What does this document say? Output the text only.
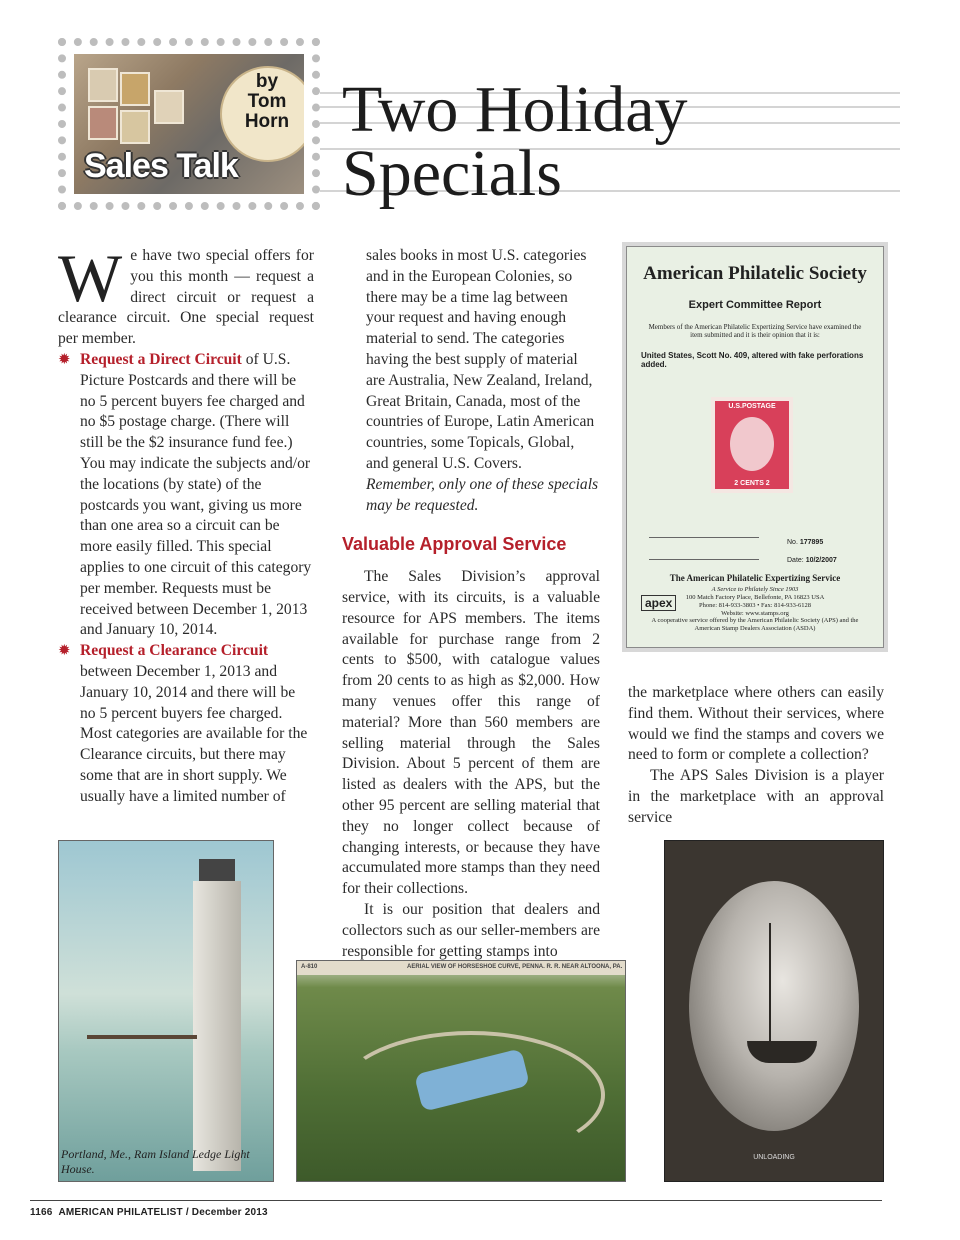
by
Tom
Horn
Sales Talk
Two Holiday
Specials

We have two special offers for you this month — request a direct circuit or request a clearance circuit. One special request per member.

✹ Request a Direct Circuit of U.S. Picture Postcards and there will be no 5 percent buyers fee charged and no $5 postage charge. (There will still be the $2 insurance fund fee.) You may indicate the subjects and/or the locations (by state) of the postcards you want, giving us more than one area so a circuit can be more easily filled. This special applies to one circuit of this category per member. Requests must be received between December 1, 2013 and January 10, 2014.

✹ Request a Clearance Circuit between December 1, 2013 and January 10, 2014 and there will be no 5 percent buyers fee charged. Most categories are available for the Clearance circuits, but there may some that are in short supply. We usually have a limited number of

sales books in most U.S. categories and in the European Colonies, so there may be a time lag between your request and having enough material to send. The categories having the best supply of material are Australia, New Zealand, Ireland, Great Britain, Canada, most of the countries of Europe, Latin American countries, some Topicals, Global, and general U.S. Covers.

Remember, only one of these specials may be requested.

Valuable Approval Service

The Sales Division’s approval service, with its circuits, is a valuable resource for APS members. The items available for purchase range from 2 cents to $500, with catalogue values from 20 cents to as high as $2,000. How many venues offer this range of material? More than 560 members are selling material through the Sales Division. About 5 percent of them are listed as dealers with the APS, but the other 95 percent are selling material that they no longer collect because of changing interests, or because they have accumulated more stamps than they need for their collections.

It is our position that dealers and collectors such as our seller-members are responsible for getting stamps into

the marketplace where others can easily find them. Without their services, where would we find the stamps and covers we need to form or complete a collection?

The APS Sales Division is a player in the marketplace with an approval service

American Philatelic Society
Expert Committee Report
Members of the American Philatelic Expertizing Service have examined the item submitted and it is their opinion that it is:
United States, Scott No. 409, altered with fake perforations added.
U.S.POSTAGE
2 CENTS 2
No. 177895
Date: 10/2/2007
The American Philatelic Expertizing Service
A Service to Philately Since 1903
100 Match Factory Place, Bellefonte, PA 16823 USA
Phone: 814-933-3803 • Fax: 814-933-6128
Website: www.stamps.org
apex
A cooperative service offered by the American Philatelic Society (APS) and the American Stamp Dealers Association (ASDA)
Portland, Me., Ram Island Ledge Light House.
A-810	AERIAL VIEW OF HORSESHOE CURVE, PENNA. R. R. NEAR ALTOONA, PA.
UNLOADING
1166 AMERICAN PHILATELIST / December 2013
